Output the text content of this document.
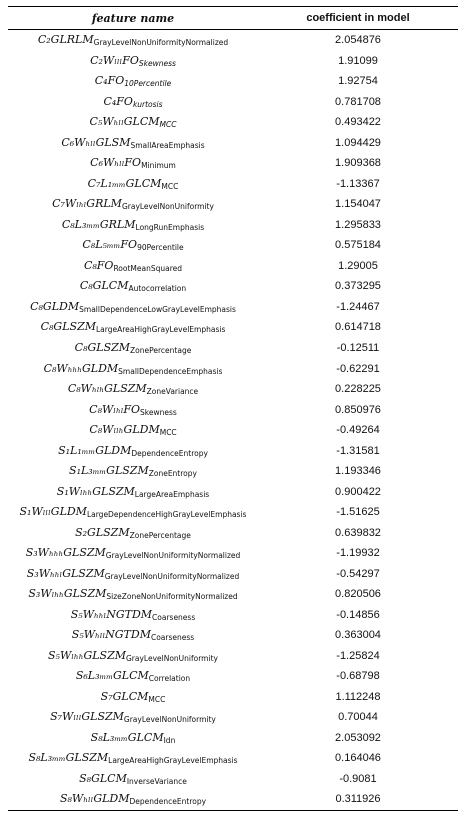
feature name	coefficient in model
$C_2GLRLM_{GrayLevelNonUniformityNormalized}$	2.054876
C₂WₗₗₗFO$_{Skewness}$	1.91099
$C_4FO_{10Percentile}$	1.92754
$C_4FO_{kurtosis}$	0.781708
C₅WₕₗₗGLCM$_{MCC}$	0.493422
C₆WₕₗₗGLSM$_{SmallAreaEmphasis}$	1.094429
C₆WₕₗₗFO$_{Minimum}$	1.909368
C₇L₁ₘₘGLCM$_{MCC}$	-1.13367
C₇WₗₕₗGRLM$_{GrayLevelNonUniformity}$	1.154047
C₈L₃ₘₘGRLM$_{LongRunEmphasis}$	1.295833
C₈L₅ₘₘFO$_{90Percentile}$	0.575184
$C_8FO_{RootMeanSquared}$	1.29005
$C_8GLCM_{Autocorrelation}$	0.373295
$C_8GLDM_{SmallDependenceLowGrayLevelEmphasis}$	-1.24467
$C_8GLSZM_{LargeAreaHighGrayLevelEmphasis}$	0.614718
$C_8GLSZM_{ZonePercentage}$	-0.12511
C₈WₕₕₕGLDM$_{SmallDependenceEmphasis}$	-0.62291
C₈WₕₗₕGLSZM$_{ZoneVariance}$	0.228225
C₈WₗₕₗFO$_{Skewness}$	0.850976
C₈WₗₗₕGLDM$_{MCC}$	-0.49264
S₁L₁ₘₘGLDM$_{DependenceEntropy}$	-1.31581
S₁L₃ₘₘGLSZM$_{ZoneEntropy}$	1.193346
S₁WₗₕₕGLSZM$_{LargeAreaEmphasis}$	0.900422
S₁WₗₗₗGLDM$_{LargeDependenceHighGrayLevelEmphasis}$	-1.51625
$S_2GLSZM_{ZonePercentage}$	0.639832
S₃WₕₕₕGLSZM$_{GrayLevelNonUniformityNormalized}$	-1.19932
S₃WₕₕₗGLSZM$_{GrayLevelNonUniformityNormalized}$	-0.54297
S₃WₗₕₕGLSZM$_{SizeZoneNonUniformityNormalized}$	0.820506
S₅WₕₕₗNGTDM$_{Coarseness}$	-0.14856
S₅WₕₗₗNGTDM$_{Coarseness}$	0.363004
S₅WₗₕₕGLSZM$_{GrayLevelNonUniformity}$	-1.25824
S₆L₃ₘₘGLCM$_{Correlation}$	-0.68798
$S_7GLCM_{MCC}$	1.112248
S₇WₗₗₗGLSZM$_{GrayLevelNonUniformity}$	0.70044
S₈L₃ₘₘGLCM$_{Idn}$	2.053092
S₈L₃ₘₘGLSZM$_{LargeAreaHighGrayLevelEmphasis}$	0.164046
$S_8GLCM_{InverseVariance}$	-0.9081
S₈WₕₗₗGLDM$_{DependenceEntropy}$	0.311926
